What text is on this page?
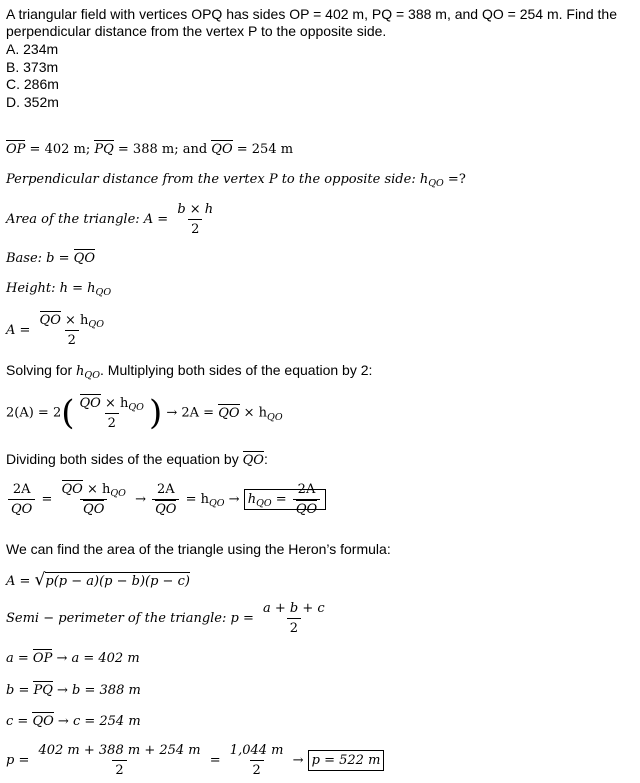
A triangular field with vertices OPQ has sides OP = 402 m, PQ = 388 m, and QO = 254 m. Find the perpendicular distance from the vertex P to the opposite side.
A. 234m
B. 373m
C. 286m
D. 352m
OP = 402 m; PQ = 388 m; and QO = 254 m
Perpendicular distance from the vertex P to the opposite side: $h_{QO}$ =?
Area of the triangle: $A = \frac{b \times h}{2}$
Base: b = QO
Height: $h = h_{QO}$
$A = \frac{QO \times h_{QO}}{2}$
Solving for $h_{QO}$. Multiplying both sides of the equation by 2:
$2(A) = 2( \frac{QO \times h_{QO}}{2}$ ) → 2A = QO × $h_{QO}$
Dividing both sides of the equation by QO:
$\frac{2A}{QO} = \frac{QO \times h_{QO}}{QO} \to \frac{2A}{QO} = h_{QO} \to h_{QO} = \frac{2A}{QO}$
We can find the area of the triangle using the Heron’s formula:
A = √p(p − a)(p − b)(p − c)
Semi − perimeter of the triangle: $p = \frac{a + b + c}{2}$
a = OP → a = 402 m
b = PQ → b = 388 m
c = QO → c = 254 m
$p = \frac{402 m + 388 m + 254 m}{2} = \frac{1,044 m}{2} \to p = 522$ m
